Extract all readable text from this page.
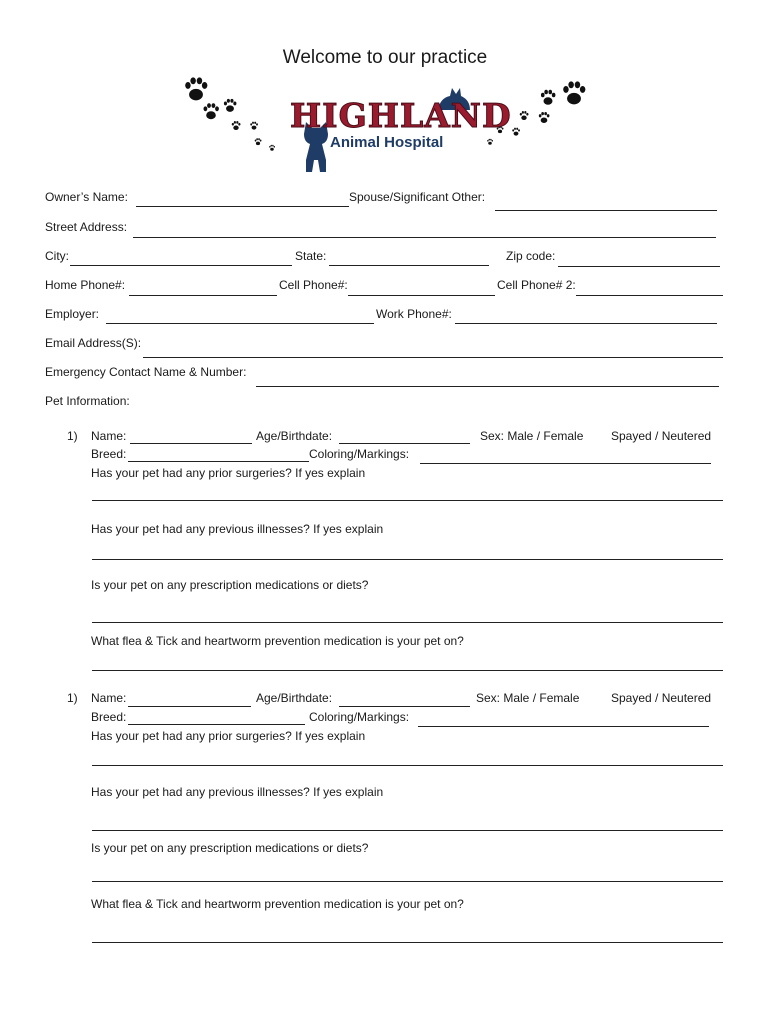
Welcome to our practice
HIGHLAND
Animal Hospital
Owner’s Name:	Spouse/Significant Other:
Street Address:
City:	State:	Zip code:
Home Phone#:	Cell Phone#:	Cell Phone# 2:
Employer:	Work Phone#:
Email Address(S):
Emergency Contact Name & Number:
Pet Information:
1) Name:	Age/Birthdate:	Sex: Male / Female Spayed / Neutered
Breed:	Coloring/Markings:
Has your pet had any prior surgeries? If yes explain
Has your pet had any previous illnesses? If yes explain
Is your pet on any prescription medications or diets?
What flea & Tick and heartworm prevention medication is your pet on?
1) Name:	Age/Birthdate:	Sex: Male / Female	Spayed / Neutered
Breed:	Coloring/Markings:
Has your pet had any prior surgeries? If yes explain
Has your pet had any previous illnesses? If yes explain
Is your pet on any prescription medications or diets?
What flea & Tick and heartworm prevention medication is your pet on?
